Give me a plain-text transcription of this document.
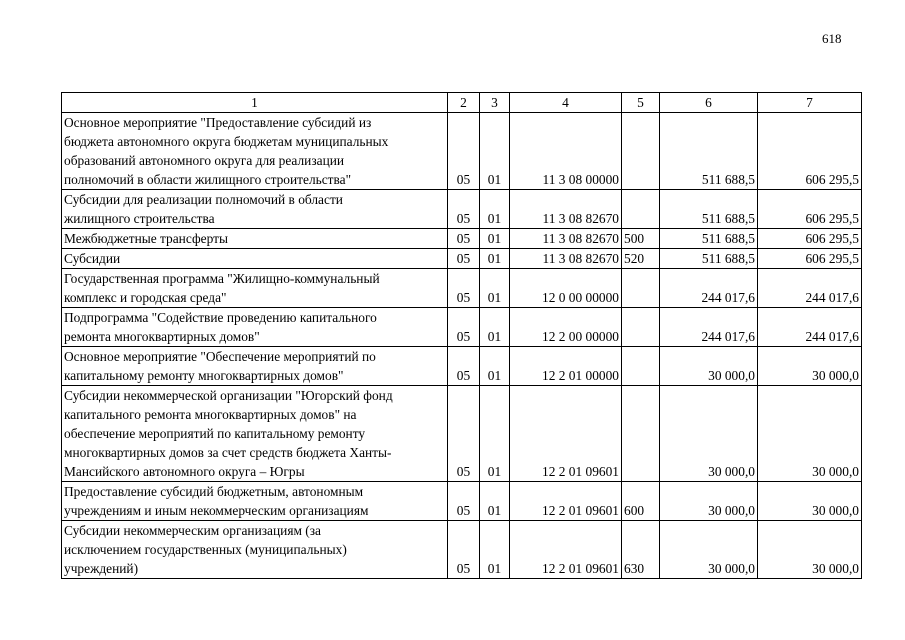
618
1	2	3	4	5	6	7
Основное мероприятие "Предоставление субсидий из
бюджета автономного округа бюджетам муниципальных
образований автономного округа для реализации
полномочий в области жилищного строительства"	05	01	11 3 08 00000		511 688,5	606 295,5
Субсидии для реализации полномочий в области
жилищного строительства	05	01	11 3 08 82670		511 688,5	606 295,5
Межбюджетные трансферты	05	01	11 3 08 82670	500	511 688,5	606 295,5
Субсидии	05	01	11 3 08 82670	520	511 688,5	606 295,5
Государственная программа "Жилищно-коммунальный
комплекс и городская среда"	05	01	12 0 00 00000		244 017,6	244 017,6
Подпрограмма "Содействие проведению капитального
ремонта многоквартирных домов"	05	01	12 2 00 00000		244 017,6	244 017,6
Основное мероприятие "Обеспечение мероприятий по
капитальному ремонту многоквартирных домов"	05	01	12 2 01 00000		30 000,0	30 000,0
Субсидии некоммерческой организации "Югорский фонд
капитального ремонта многоквартирных домов" на
обеспечение мероприятий по капитальному ремонту
многоквартирных домов за счет средств бюджета Ханты-
Мансийского автономного округа – Югры	05	01	12 2 01 09601		30 000,0	30 000,0
Предоставление субсидий бюджетным, автономным
учреждениям и иным некоммерческим организациям	05	01	12 2 01 09601	600	30 000,0	30 000,0
Субсидии некоммерческим организациям (за
исключением государственных (муниципальных)
учреждений)	05	01	12 2 01 09601	630	30 000,0	30 000,0
